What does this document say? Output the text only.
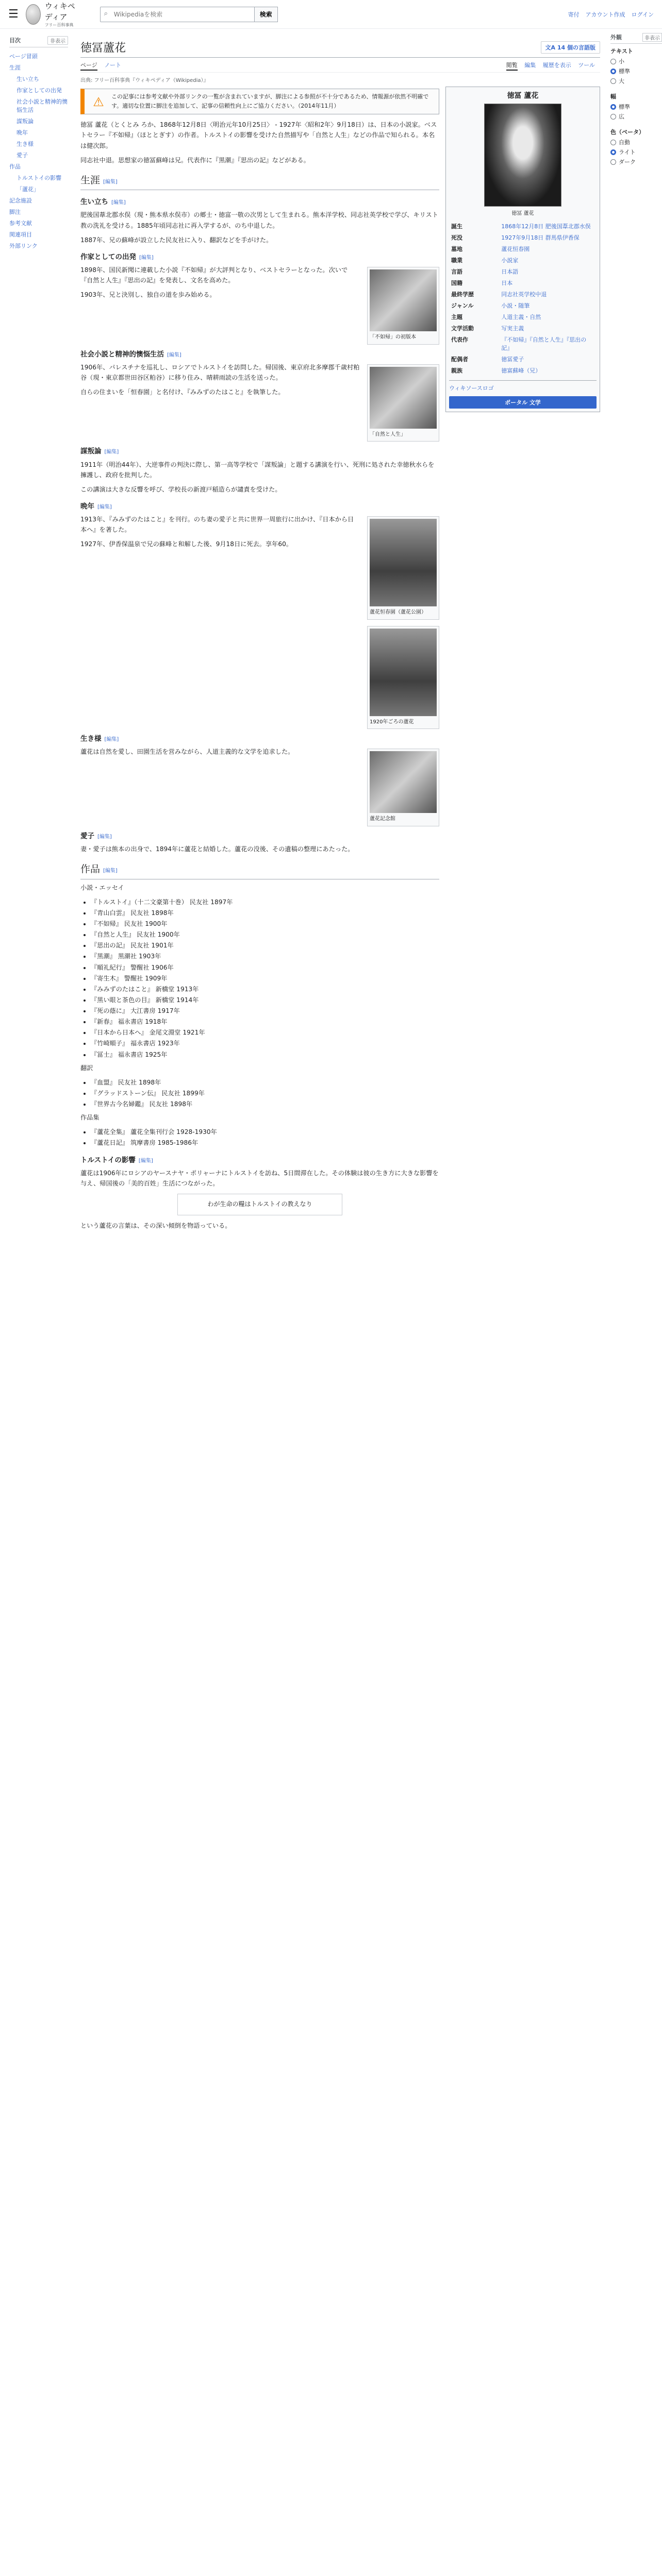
☰
ウィキペディア
フリー百科事典
⌕
Wikipediaを検索	検索	寄付 アカウント作成 ログイン
目次	非表示
ページ冒頭
生涯
生い立ち
作家としての出発
社会小説と精神的懊悩生活
謀叛論
晩年
生き様
愛子
作品
トルストイの影響
「蘆花」
記念施設
脚注
参考文献
関連項目
外部リンク
徳冨蘆花	文A 14 個の言語版
ページ ノート	閲覧 編集 履歴を表示 ツール
出典: フリー百科事典『ウィキペディア（Wikipedia）』
⚠	この記事には参考文献や外部リンクの一覧が含まれていますが、脚注による参照が不十分であるため、情報源が依然不明確です。適切な位置に脚注を追加して、記事の信頼性向上にご協力ください。（2014年11月）

徳冨 蘆花（とくとみ ろか、1868年12月8日〈明治元年10月25日〉 - 1927年〈昭和2年〉9月18日）は、日本の小説家。ベストセラー『不如帰』（ほととぎす）の作者。トルストイの影響を受けた自然描写や「自然と人生」などの作品で知られる。本名は健次郎。

同志社中退。思想家の徳冨蘇峰は兄。代表作に『黒潮』『思出の記』などがある。

生涯 [編集]
生い立ち [編集]

肥後国葦北郡水俣（現・熊本県水俣市）の郷士・徳富一敬の次男として生まれる。熊本洋学校、同志社英学校で学び、キリスト教の洗礼を受ける。1885年頃同志社に再入学するが、のち中退した。

1887年、兄の蘇峰が設立した民友社に入り、翻訳などを手がけた。

作家としての出発 [編集]
「不如帰」の初版本

1898年、国民新聞に連載した小説『不如帰』が大評判となり、ベストセラーとなった。次いで『自然と人生』『思出の記』を発表し、文名を高めた。

1903年、兄と決別し、独自の道を歩み始める。

社会小説と精神的懊悩生活 [編集]
「自然と人生」

1906年、パレスチナを巡礼し、ロシアでトルストイを訪問した。帰国後、東京府北多摩郡千歳村粕谷（現・東京都世田谷区粕谷）に移り住み、晴耕雨読の生活を送った。

自らの住まいを「恒春園」と名付け、『みみずのたはこと』を執筆した。

謀叛論 [編集]

1911年（明治44年）、大逆事件の判決に際し、第一高等学校で「謀叛論」と題する講演を行い、死刑に処された幸徳秋水らを擁護し、政府を批判した。

この講演は大きな反響を呼び、学校長の新渡戸稲造らが譴責を受けた。

晩年 [編集]
蘆花恒春園（蘆花公園）

1913年、『みみずのたはこと』を刊行。のち妻の愛子と共に世界一周旅行に出かけ、『日本から日本へ』を著した。

1927年、伊香保温泉で兄の蘇峰と和解した後、9月18日に死去。享年60。

1920年ごろの蘆花
生き様 [編集]
蘆花記念館

蘆花は自然を愛し、田園生活を営みながら、人道主義的な文学を追求した。

愛子 [編集]

妻・愛子は熊本の出身で、1894年に蘆花と結婚した。蘆花の没後、その遺稿の整理にあたった。

作品 [編集]

小説・エッセイ

• 『トルストイ』（十二文豪第十巻） 民友社 1897年
• 『青山白雲』 民友社 1898年
• 『不如帰』 民友社 1900年
• 『自然と人生』 民友社 1900年
• 『思出の記』 民友社 1901年
• 『黒潮』 黒潮社 1903年
• 『順礼紀行』 警醒社 1906年
• 『寄生木』 警醒社 1909年
• 『みみずのたはこと』 新橋堂 1913年
• 『黒い眼と茶色の目』 新橋堂 1914年
• 『死の蔭に』 大江書房 1917年
• 『新春』 福永書店 1918年
• 『日本から日本へ』 金尾文淵堂 1921年
• 『竹崎順子』 福永書店 1923年
• 『冨士』 福永書店 1925年

翻訳

• 『血盟』 民友社 1898年
• 『グラッドストーン伝』 民友社 1899年
• 『世界古今名婦鑑』 民友社 1898年

作品集

• 『蘆花全集』 蘆花全集刊行会 1928-1930年
• 『蘆花日記』 筑摩書房 1985-1986年
トルストイの影響 [編集]

蘆花は1906年にロシアのヤースナヤ・ポリャーナにトルストイを訪ね、5日間滞在した。その体験は彼の生き方に大きな影響を与え、帰国後の「美的百姓」生活につながった。

わが生命の糧はトルストイの教えなり

という蘆花の言葉は、その深い傾倒を物語っている。

徳冨 蘆花
徳冨 蘆花
誕生	1868年12月8日 肥後国葦北郡水俣
死没	1927年9月18日 群馬県伊香保
墓地	蘆花恒春園
職業	小説家
言語	日本語
国籍	日本
最終学歴	同志社英学校中退
ジャンル	小説・随筆
主題	人道主義・自然
文学活動	写実主義
代表作	『不如帰』『自然と人生』『思出の記』
配偶者	徳冨愛子
親族	徳富蘇峰（兄）
ウィキソースロゴ
ポータル 文学
外観	非表示
テキスト
小
標準
大
幅
標準
広
色（ベータ）
自動
ライト
ダーク
